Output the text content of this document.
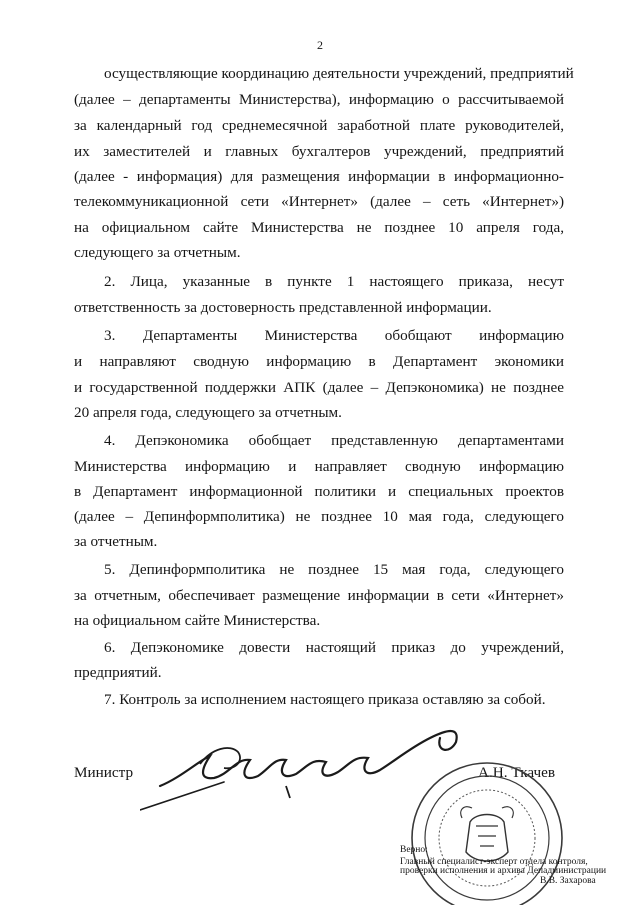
2
осуществляющие координацию деятельности учреждений, предприятий
(далее – департаменты Министерства), информацию о рассчитываемой
за календарный год среднемесячной заработной плате руководителей,
их заместителей и главных бухгалтеров учреждений, предприятий
(далее - информация) для размещения информации в информационно-
телекоммуникационной сети «Интернет» (далее – сеть «Интернет»)
на официальном сайте Министерства не позднее 10 апреля года,
следующего за отчетным.
2. Лица, указанные в пункте 1 настоящего приказа, несут
ответственность за достоверность представленной информации.
3. Департаменты Министерства обобщают информацию
и направляют сводную информацию в Департамент экономики
и государственной поддержки АПК (далее – Депэкономика) не позднее
20 апреля года, следующего за отчетным.
4. Депэкономика обобщает представленную департаментами
Министерства информацию и направляет сводную информацию
в Департамент информационной политики и специальных проектов
(далее – Депинформполитика) не позднее 10 мая года, следующего
за отчетным.
5. Депинформполитика не позднее 15 мая года, следующего
за отчетным, обеспечивает размещение информации в сети «Интернет»
на официальном сайте Министерства.
6. Депэкономике довести настоящий приказ до учреждений,
предприятий.
7. Контроль за исполнением настоящего приказа оставляю за собой.
Министр	А.Н. Ткачев
Верно:
Главный специалист-эксперт отдела контроля,
проверки исполнения и архива Депадминистрации
В.В. Захарова
